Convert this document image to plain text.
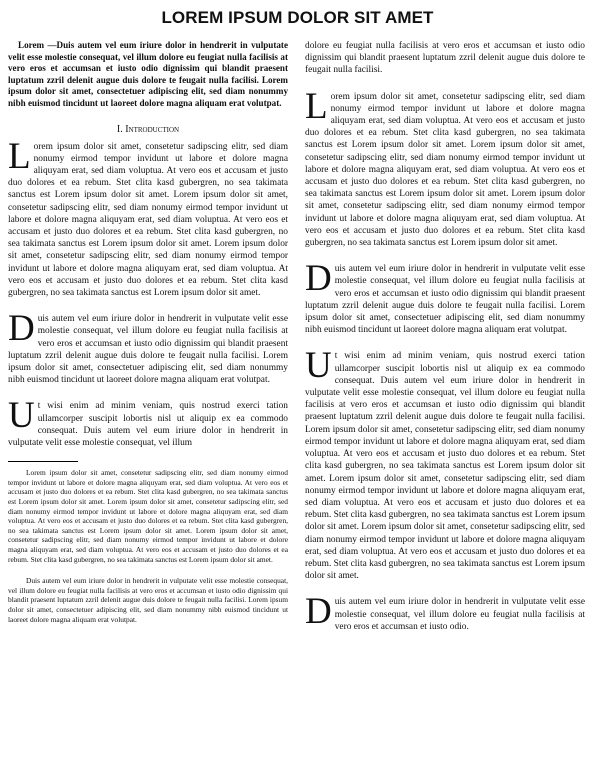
LOREM IPSUM DOLOR SIT AMET

Lorem —Duis autem vel eum iriure dolor in hendrerit in vulputate velit esse molestie consequat, vel illum dolore eu feugiat nulla facilisis at vero eros et accumsan et iusto odio dignissim qui blandit praesent luptatum zzril delenit augue duis dolore te feugait nulla facilisi. Lorem ipsum dolor sit amet, consectetuer adipiscing elit, sed diam nonummy nibh euismod tincidunt ut laoreet dolore magna aliquam erat volutpat.

I. Introduction

Lorem ipsum dolor sit amet, consetetur sadipscing elitr, sed diam nonumy eirmod tempor invidunt ut labore et dolore magna aliquyam erat, sed diam voluptua. At vero eos et accusam et justo duo dolores et ea rebum. Stet clita kasd gubergren, no sea takimata sanctus est Lorem ipsum dolor sit amet. Lorem ipsum dolor sit amet, consetetur sadipscing elitr, sed diam nonumy eirmod tempor invidunt ut labore et dolore magna aliquyam erat, sed diam voluptua. At vero eos et accusam et justo duo dolores et ea rebum. Stet clita kasd gubergren, no sea takimata sanctus est Lorem ipsum dolor sit amet. Lorem ipsum dolor sit amet, consetetur sadipscing elitr, sed diam nonumy eirmod tempor invidunt ut labore et dolore magna aliquyam erat, sed diam voluptua. At vero eos et accusam et justo duo dolores et ea rebum. Stet clita kasd gubergren, no sea takimata sanctus est Lorem ipsum dolor sit amet.

Duis autem vel eum iriure dolor in hendrerit in vulputate velit esse molestie consequat, vel illum dolore eu feugiat nulla facilisis at vero eros et accumsan et iusto odio dignissim qui blandit praesent luptatum zzril delenit augue duis dolore te feugait nulla facilisi. Lorem ipsum dolor sit amet, consectetuer adipiscing elit, sed diam nonummy nibh euismod tincidunt ut laoreet dolore magna aliquam erat volutpat.

Ut wisi enim ad minim veniam, quis nostrud exerci tation ullamcorper suscipit lobortis nisl ut aliquip ex ea commodo consequat. Duis autem vel eum iriure dolor in hendrerit in vulputate velit esse molestie consequat, vel illum

Lorem ipsum dolor sit amet, consetetur sadipscing elitr, sed diam nonumy eirmod tempor invidunt ut labore et dolore magna aliquyam erat, sed diam voluptua. At vero eos et accusam et justo duo dolores et ea rebum. Stet clita kasd gubergren, no sea takimata sanctus est Lorem ipsum dolor sit amet. Lorem ipsum dolor sit amet, consetetur sadipscing elitr, sed diam nonumy eirmod tempor invidunt ut labore et dolore magna aliquyam erat, sed diam voluptua. At vero eos et accusam et justo duo dolores et ea rebum. Stet clita kasd gubergren, no sea takimata sanctus est Lorem ipsum dolor sit amet. Lorem ipsum dolor sit amet, consetetur sadipscing elitr, sed diam nonumy eirmod tempor invidunt ut labore et dolore magna aliquyam erat, sed diam voluptua. At vero eos et accusam et justo duo dolores et ea rebum. Stet clita kasd gubergren, no sea takimata sanctus est Lorem ipsum dolor sit amet.

Duis autem vel eum iriure dolor in hendrerit in vulputate velit esse molestie consequat, vel illum dolore eu feugiat nulla facilisis at vero eros et accumsan et iusto odio dignissim qui blandit praesent luptatum zzril delenit augue duis dolore te feugait nulla facilisi. Lorem ipsum dolor sit amet, consectetuer adipiscing elit, sed diam nonummy nibh euismod tincidunt ut laoreet dolore magna aliquam erat volutpat.

dolore eu feugiat nulla facilisis at vero eros et accumsan et iusto odio dignissim qui blandit praesent luptatum zzril delenit augue duis dolore te feugait nulla facilisi.

Lorem ipsum dolor sit amet, consetetur sadipscing elitr, sed diam nonumy eirmod tempor invidunt ut labore et dolore magna aliquyam erat, sed diam voluptua. At vero eos et accusam et justo duo dolores et ea rebum. Stet clita kasd gubergren, no sea takimata sanctus est Lorem ipsum dolor sit amet. Lorem ipsum dolor sit amet, consetetur sadipscing elitr, sed diam nonumy eirmod tempor invidunt ut labore et dolore magna aliquyam erat, sed diam voluptua. At vero eos et accusam et justo duo dolores et ea rebum. Stet clita kasd gubergren, no sea takimata sanctus est Lorem ipsum dolor sit amet. Lorem ipsum dolor sit amet, consetetur sadipscing elitr, sed diam nonumy eirmod tempor invidunt ut labore et dolore magna aliquyam erat, sed diam voluptua. At vero eos et accusam et justo duo dolores et ea rebum. Stet clita kasd gubergren, no sea takimata sanctus est Lorem ipsum dolor sit amet.

Duis autem vel eum iriure dolor in hendrerit in vulputate velit esse molestie consequat, vel illum dolore eu feugiat nulla facilisis at vero eros et accumsan et iusto odio dignissim qui blandit praesent luptatum zzril delenit augue duis dolore te feugait nulla facilisi. Lorem ipsum dolor sit amet, consectetuer adipiscing elit, sed diam nonummy nibh euismod tincidunt ut laoreet dolore magna aliquam erat volutpat.

Ut wisi enim ad minim veniam, quis nostrud exerci tation ullamcorper suscipit lobortis nisl ut aliquip ex ea commodo consequat. Duis autem vel eum iriure dolor in hendrerit in vulputate velit esse molestie consequat, vel illum dolore eu feugiat nulla facilisis at vero eros et accumsan et iusto odio dignissim qui blandit praesent luptatum zzril delenit augue duis dolore te feugait nulla facilisi. Lorem ipsum dolor sit amet, consetetur sadipscing elitr, sed diam nonumy eirmod tempor invidunt ut labore et dolore magna aliquyam erat, sed diam voluptua. At vero eos et accusam et justo duo dolores et ea rebum. Stet clita kasd gubergren, no sea takimata sanctus est Lorem ipsum dolor sit amet. Lorem ipsum dolor sit amet, consetetur sadipscing elitr, sed diam nonumy eirmod tempor invidunt ut labore et dolore magna aliquyam erat, sed diam voluptua. At vero eos et accusam et justo duo dolores et ea rebum. Stet clita kasd gubergren, no sea takimata sanctus est Lorem ipsum dolor sit amet. Lorem ipsum dolor sit amet, consetetur sadipscing elitr, sed diam nonumy eirmod tempor invidunt ut labore et dolore magna aliquyam erat, sed diam voluptua. At vero eos et accusam et justo duo dolores et ea rebum. Stet clita kasd gubergren, no sea takimata sanctus est Lorem ipsum dolor sit amet.

Duis autem vel eum iriure dolor in hendrerit in vulputate velit esse molestie consequat, vel illum dolore eu feugiat nulla facilisis at vero eros et accumsan et iusto odio.
